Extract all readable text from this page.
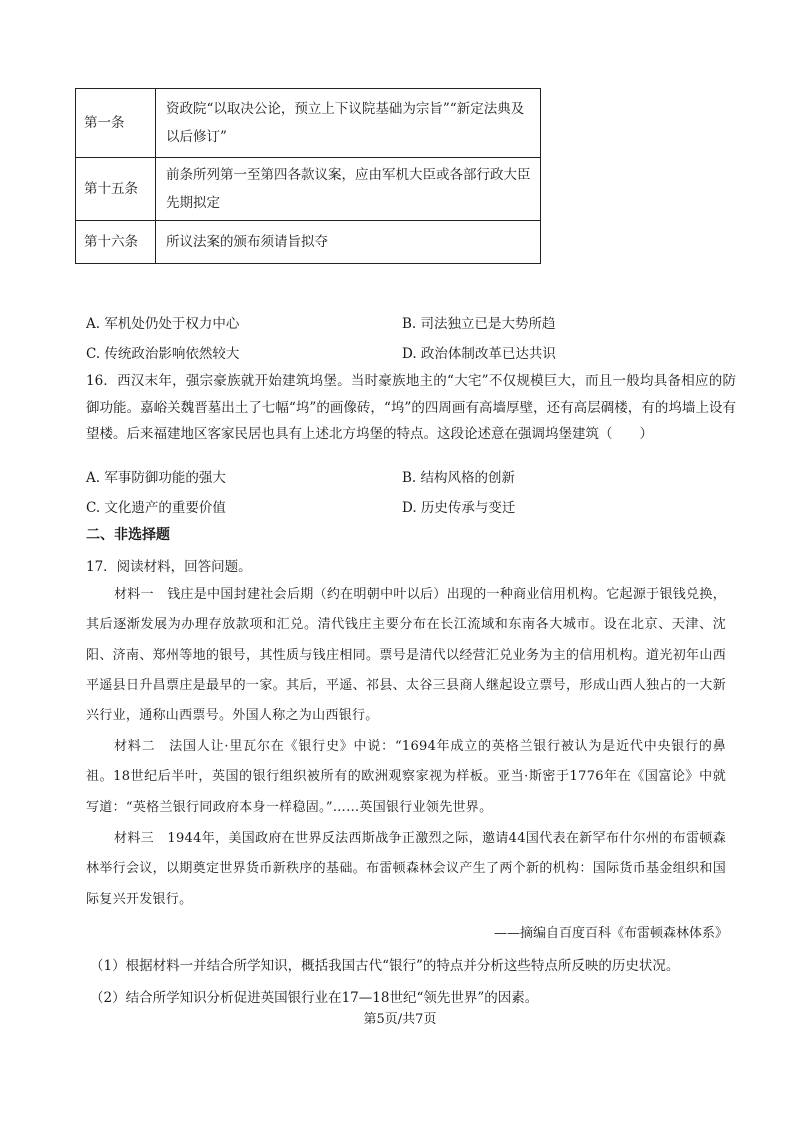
第一条	资政院“以取决公论，预立上下议院基础为宗旨”“新定法典及以后修订”
第十五条	前条所列第一至第四各款议案，应由军机大臣或各部行政大臣先期拟定
第十六条	所议法案的颁布须请旨拟夺
A. 军机处仍处于权力中心	B. 司法独立已是大势所趋
C. 传统政治影响依然较大	D. 政治体制改革已达共识
16．西汉末年，强宗豪族就开始建筑坞堡。当时豪族地主的“大宅”不仅规模巨大，而且一般均具备相应的防御功能。嘉峪关魏晋墓出土了七幅“坞”的画像砖，“坞”的四周画有高墙厚壁，还有高层碉楼，有的坞墙上设有望楼。后来福建地区客家民居也具有上述北方坞堡的特点。这段论述意在强调坞堡建筑（　　）
A. 军事防御功能的强大	B. 结构风格的创新
C. 文化遗产的重要价值	D. 历史传承与变迁
二、非选择题
17．阅读材料，回答问题。
材料一　钱庄是中国封建社会后期（约在明朝中叶以后）出现的一种商业信用机构。它起源于银钱兑换，其后逐渐发展为办理存放款项和汇兑。清代钱庄主要分布在长江流域和东南各大城市。设在北京、天津、沈阳、济南、郑州等地的银号，其性质与钱庄相同。票号是清代以经营汇兑业务为主的信用机构。道光初年山西平遥县日升昌票庄是最早的一家。其后，平遥、祁县、太谷三县商人继起设立票号，形成山西人独占的一大新兴行业，通称山西票号。外国人称之为山西银行。
材料二　法国人让·里瓦尔在《银行史》中说：“1694年成立的英格兰银行被认为是近代中央银行的鼻祖。18世纪后半叶，英国的银行组织被所有的欧洲观察家视为样板。亚当·斯密于1776年在《国富论》中就写道：“英格兰银行同政府本身一样稳固。”……英国银行业领先世界。
材料三　1944年，美国政府在世界反法西斯战争正激烈之际，邀请44国代表在新罕布什尔州的布雷顿森林举行会议，以期奠定世界货币新秩序的基础。布雷顿森林会议产生了两个新的机构：国际货币基金组织和国际复兴开发银行。
——摘编自百度百科《布雷顿森林体系》
（1）根据材料一并结合所学知识，概括我国古代“银行”的特点并分析这些特点所反映的历史状况。
（2）结合所学知识分析促进英国银行业在17—18世纪“领先世界”的因素。
第5页/共7页
